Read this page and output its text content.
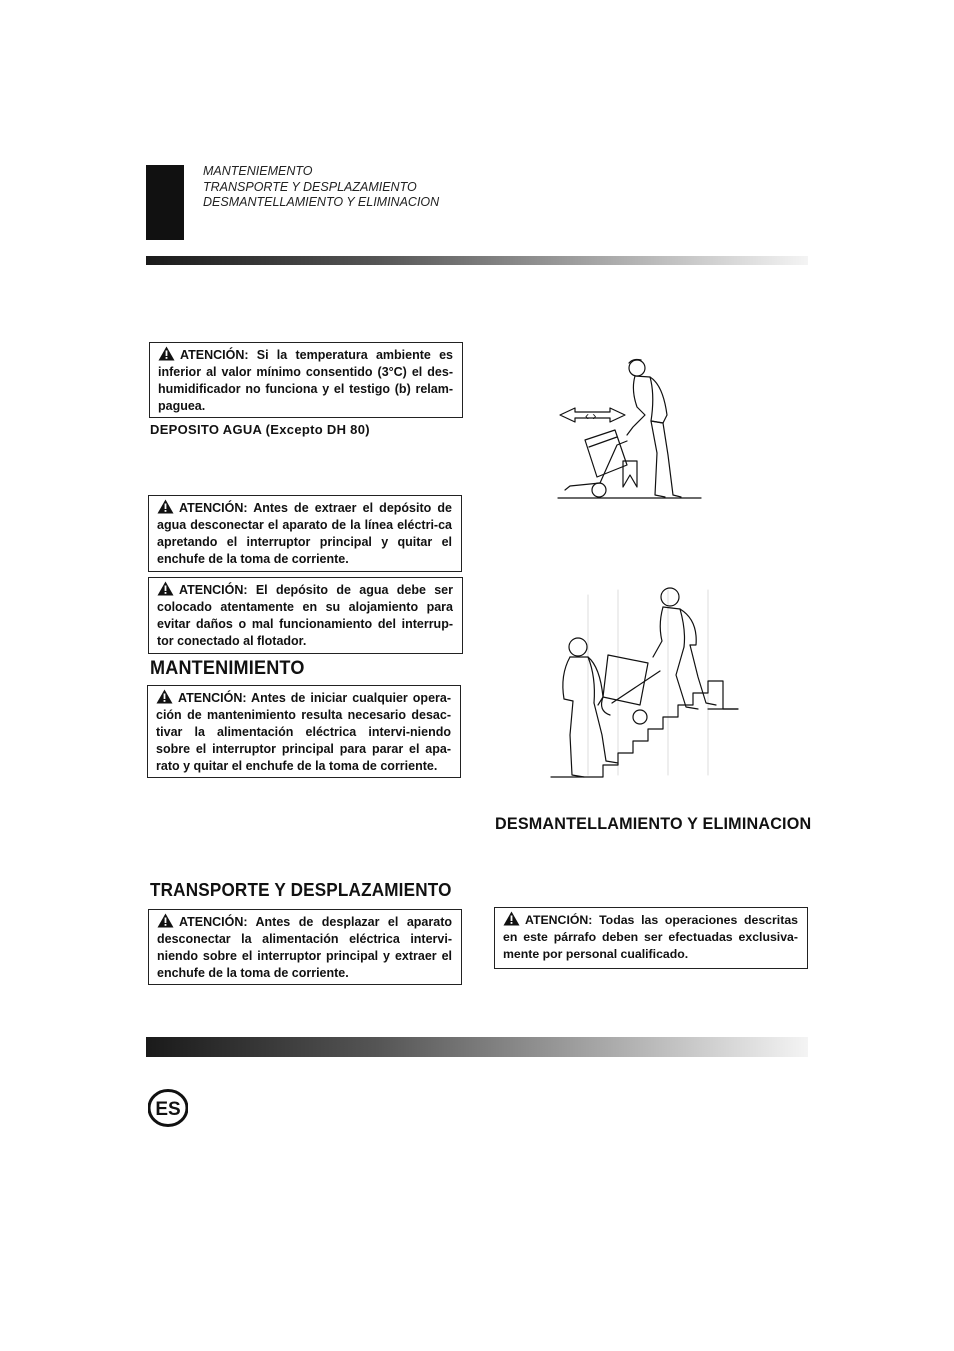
MANTENIEMENTO
TRANSPORTE Y DESPLAZAMIENTO
DESMANTELLAMIENTO Y ELIMINACION
ATENCIÓN: Si la temperatura ambiente es inferior al valor mínimo consentido (3°C) el des-humidificador no funciona y el testigo (b) relam-paguea.
DEPOSITO AGUA (Excepto DH 80)
ATENCIÓN: Antes de extraer el depósito de agua desconectar el aparato de la línea eléctri-ca apretando el interruptor principal y quitar el enchufe de la toma de corriente.
ATENCIÓN: El depósito de agua debe ser colocado atentamente en su alojamiento para evitar daños o mal funcionamiento del interrup-tor conectado al flotador.
MANTENIMIENTO
ATENCIÓN: Antes de iniciar cualquier opera-ción de mantenimiento resulta necesario desac-tivar la alimentación eléctrica intervi-niendo sobre el interruptor principal para parar el apa-rato y quitar el enchufe de la toma de corriente.
TRANSPORTE Y DESPLAZAMIENTO
ATENCIÓN: Antes de desplazar el aparato desconectar la alimentación eléctrica intervi-niendo sobre el interruptor principal y extraer el enchufe de la toma de corriente.
DESMANTELLAMIENTO Y ELIMINACION
ATENCIÓN: Todas las operaciones descritas en este párrafo deben ser efectuadas exclusiva-mente por personal cualificado.
‹ ›
ES
